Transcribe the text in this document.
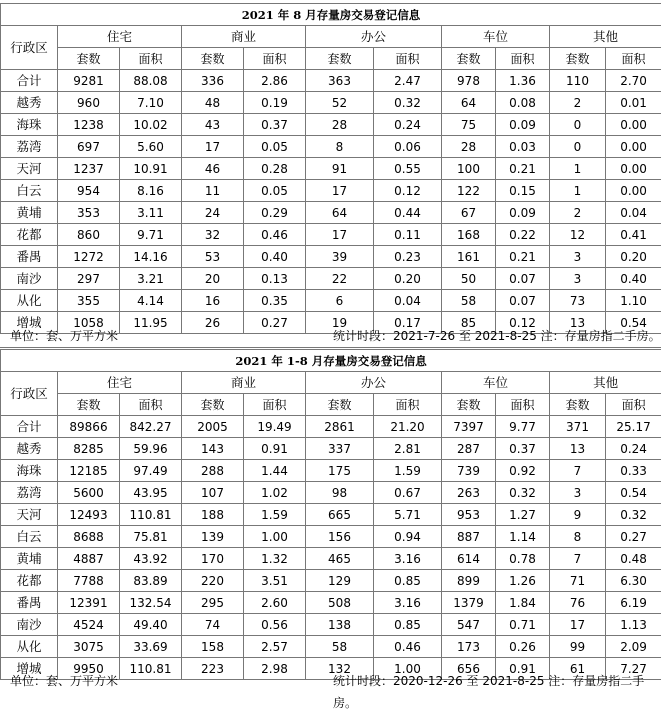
2021 年 8 月存量房交易登记信息										
行政区	住宅		商业		办公		车位		其他	
	套数	面积	套数	面积	套数	面积	套数	面积	套数	面积
合计	9281	88.08	336	2.86	363	2.47	978	1.36	110	2.70
越秀	960	7.10	48	0.19	52	0.32	64	0.08	2	0.01
海珠	1238	10.02	43	0.37	28	0.24	75	0.09	0	0.00
荔湾	697	5.60	17	0.05	8	0.06	28	0.03	0	0.00
天河	1237	10.91	46	0.28	91	0.55	100	0.21	1	0.00
白云	954	8.16	11	0.05	17	0.12	122	0.15	1	0.00
黄埔	353	3.11	24	0.29	64	0.44	67	0.09	2	0.04
花都	860	9.71	32	0.46	17	0.11	168	0.22	12	0.41
番禺	1272	14.16	53	0.40	39	0.23	161	0.21	3	0.20
南沙	297	3.21	20	0.13	22	0.20	50	0.07	3	0.40
从化	355	4.14	16	0.35	6	0.04	58	0.07	73	1.10
增城	1058	11.95	26	0.27	19	0.17	85	0.12	13	0.54
单位：套、万平方米	统计时段：2021-7-26 至 2021-8-25 注：存量房指二手房。
2021 年 1-8 月存量房交易登记信息										
行政区	住宅		商业		办公		车位		其他	
	套数	面积	套数	面积	套数	面积	套数	面积	套数	面积
合计	89866	842.27	2005	19.49	2861	21.20	7397	9.77	371	25.17
越秀	8285	59.96	143	0.91	337	2.81	287	0.37	13	0.24
海珠	12185	97.49	288	1.44	175	1.59	739	0.92	7	0.33
荔湾	5600	43.95	107	1.02	98	0.67	263	0.32	3	0.54
天河	12493	110.81	188	1.59	665	5.71	953	1.27	9	0.32
白云	8688	75.81	139	1.00	156	0.94	887	1.14	8	0.27
黄埔	4887	43.92	170	1.32	465	3.16	614	0.78	7	0.48
花都	7788	83.89	220	3.51	129	0.85	899	1.26	71	6.30
番禺	12391	132.54	295	2.60	508	3.16	1379	1.84	76	6.19
南沙	4524	49.40	74	0.56	138	0.85	547	0.71	17	1.13
从化	3075	33.69	158	2.57	58	0.46	173	0.26	99	2.09
增城	9950	110.81	223	2.98	132	1.00	656	0.91	61	7.27
单位：套、万平方米	统计时段：2020-12-26 至 2021-8-25 注：存量房指二手房。
